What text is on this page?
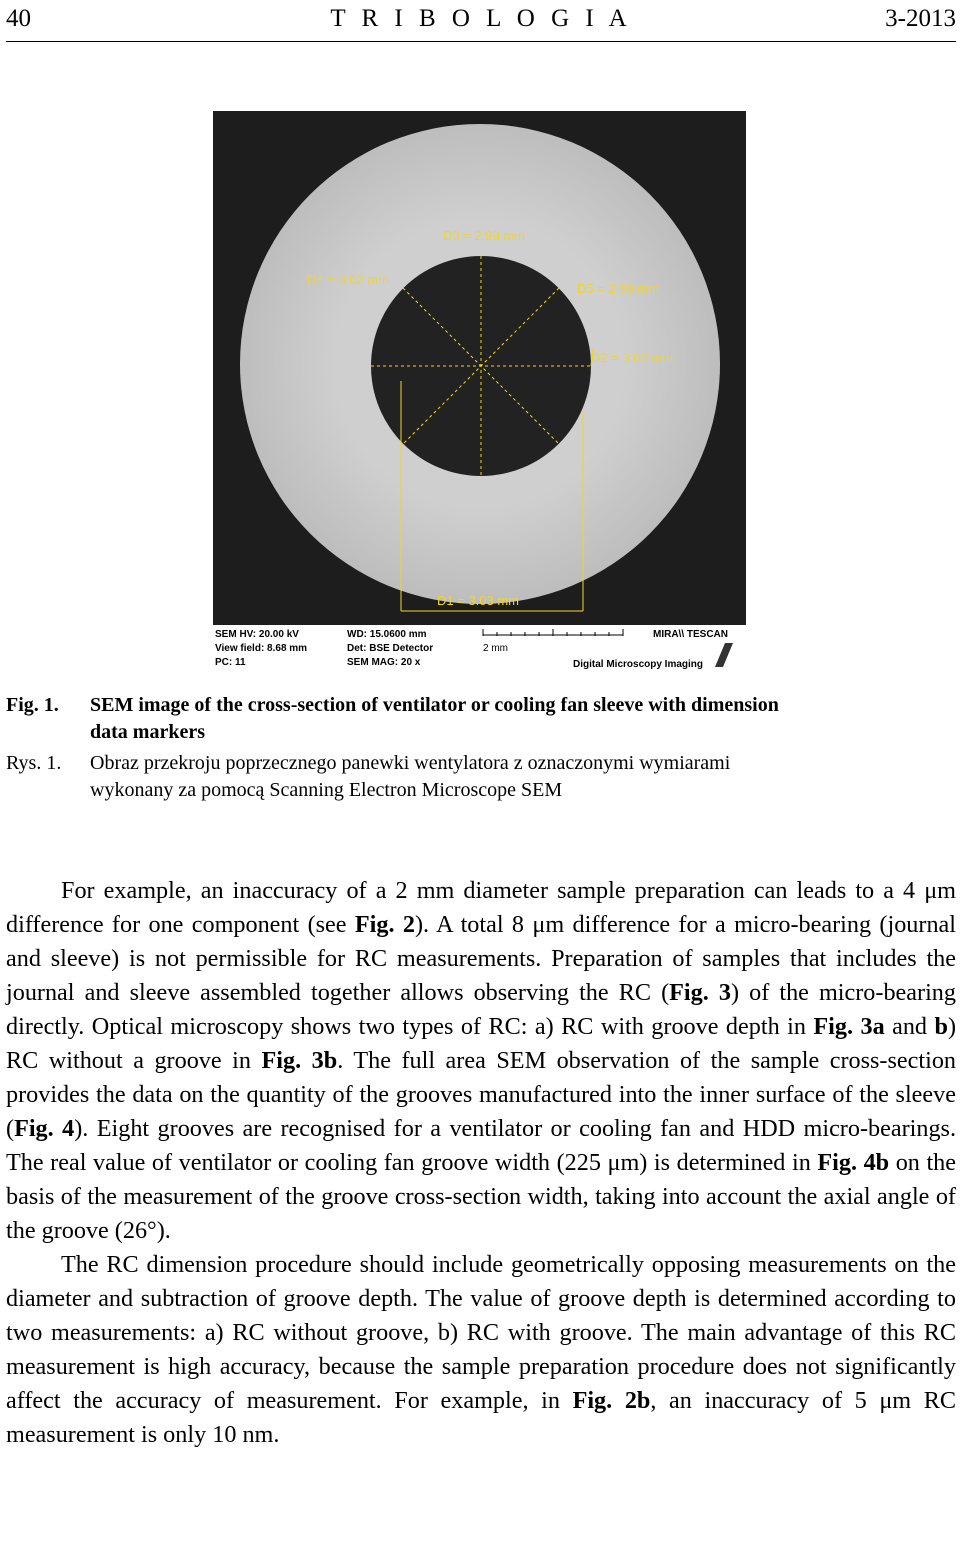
40	T R I B O L O G I A	3-2013
D3 = 2.99 mm
D4 = 3.02 mm
D5 = 2.99 mm
D2 = 3.02 mm
D1 = 3.03 mm
SEM HV: 20.00 kV
View field: 8.68 mm
PC: 11
WD: 15.0600 mm
Det: BSE Detector
SEM MAG: 20 x
2 mm
MIRA\\ TESCAN
Digital Microscopy Imaging
Fig. 1. SEM image of the cross-section of ventilator or cooling fan sleeve with dimension
data markers
Rys. 1. Obraz przekroju poprzecznego panewki wentylatora z oznaczonymi wymiarami
wykonany za pomocą Scanning Electron Microscope SEM

For example, an inaccuracy of a 2 mm diameter sample preparation can leads to a 4 μm difference for one component (see Fig. 2). A total 8 μm difference for a micro-bearing (journal and sleeve) is not permissible for RC measurements. Preparation of samples that includes the journal and sleeve assembled together allows observing the RC (Fig. 3) of the micro-bearing directly. Optical microscopy shows two types of RC: a) RC with groove depth in Fig. 3a and b) RC without a groove in Fig. 3b. The full area SEM observation of the sample cross-section provides the data on the quantity of the grooves manufactured into the inner surface of the sleeve (Fig. 4). Eight grooves are recognised for a ventilator or cooling fan and HDD micro-bearings. The real value of ventilator or cooling fan groove width (225 μm) is determined in Fig. 4b on the basis of the measurement of the groove cross-section width, taking into account the axial angle of the groove (26°).

The RC dimension procedure should include geometrically opposing measurements on the diameter and subtraction of groove depth. The value of groove depth is determined according to two measurements: a) RC without groove, b) RC with groove. The main advantage of this RC measurement is high accuracy, because the sample preparation procedure does not significantly affect the accuracy of measurement. For example, in Fig. 2b, an inaccuracy of 5 μm RC measurement is only 10 nm.
